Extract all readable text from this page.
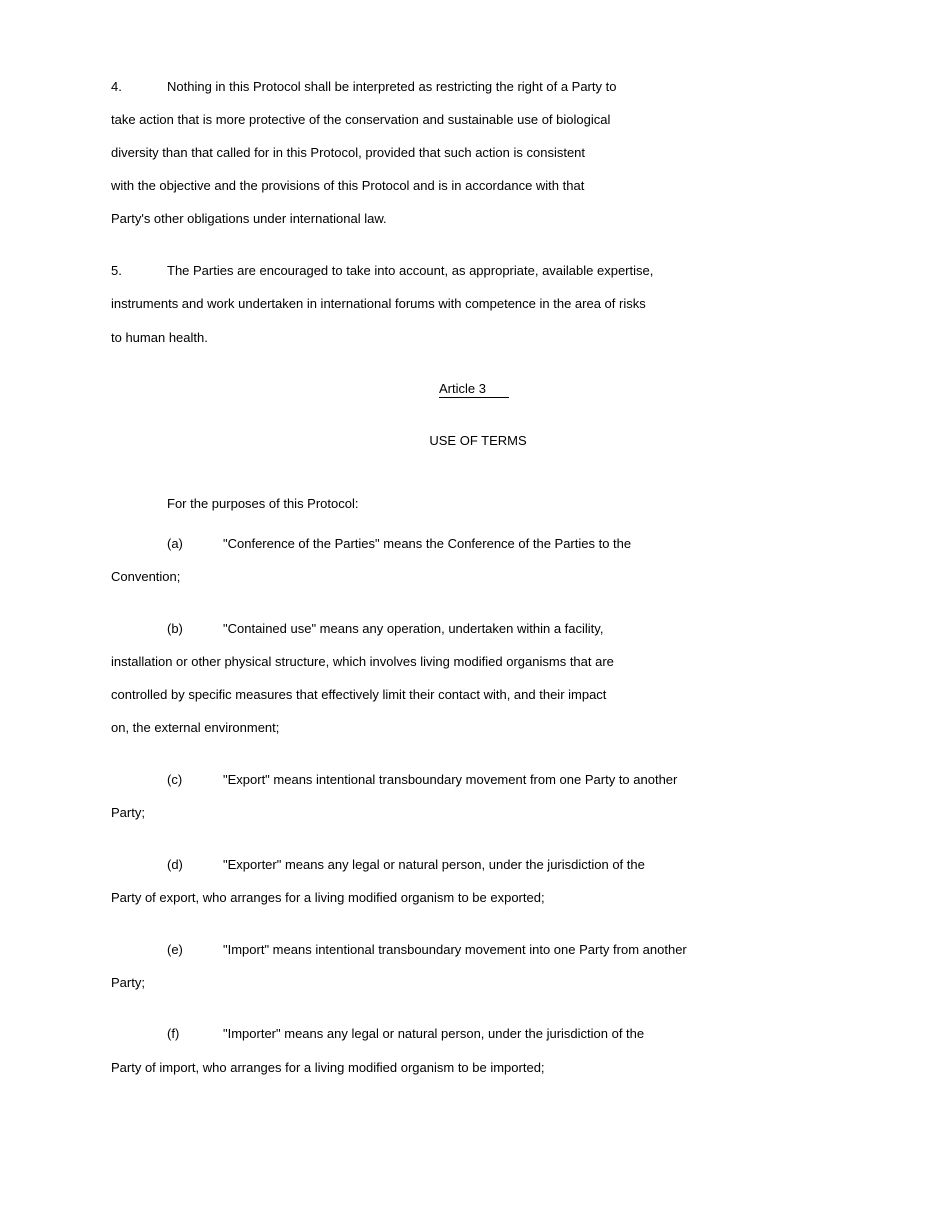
4.	Nothing in this Protocol shall be interpreted as restricting the right of a Party to
take action that is more protective of the conservation and sustainable use of biological
diversity than that called for in this Protocol, provided that such action is consistent
with the objective and the provisions of this Protocol and is in accordance with that
Party's other obligations under international law.
5.	The Parties are encouraged to take into account, as appropriate, available expertise,
instruments and work undertaken in international forums with competence in the area of risks
to human health.
Article 3
USE OF TERMS
For the purposes of this Protocol:
(a)	"Conference of the Parties" means the Conference of the Parties to the
Convention;
(b)	"Contained use" means any operation, undertaken within a facility,
installation or other physical structure, which involves living modified organisms that are
controlled by specific measures that effectively limit their contact with, and their impact
on, the external environment;
(c)	"Export" means intentional transboundary movement from one Party to another
Party;
(d)	"Exporter" means any legal or natural person, under the jurisdiction of the
Party of export, who arranges for a living modified organism to be exported;
(e)	"Import" means intentional transboundary movement into one Party from another
Party;
(f)	"Importer" means any legal or natural person, under the jurisdiction of the
Party of import, who arranges for a living modified organism to be imported;
